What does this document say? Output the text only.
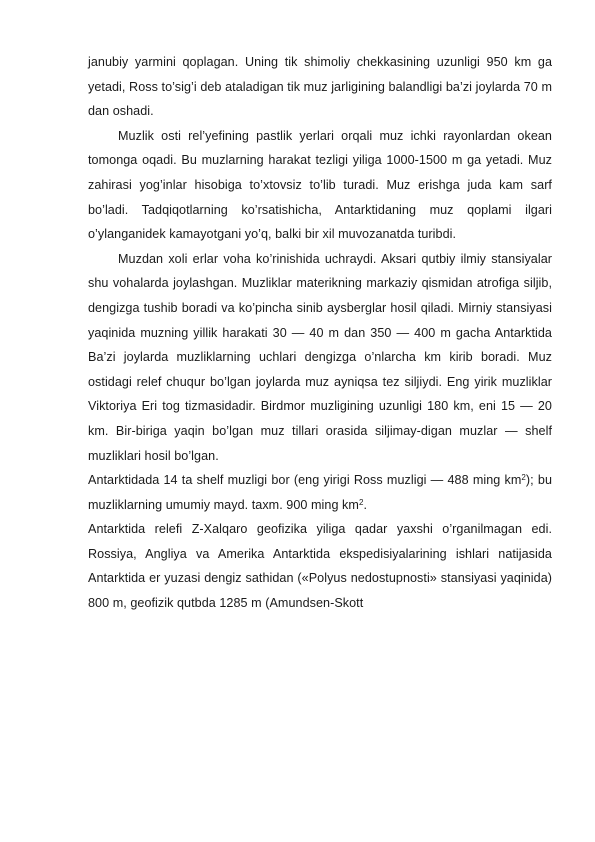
janubiy yarmini qoplagan. Uning tik shimoliy chekkasining uzunligi 950 km ga yetadi, Ross to’sig’i deb ataladigan tik muz jarligining balandligi ba’zi joylarda 70 m dan oshadi.

Muzlik osti rel’yefining pastlik yerlari orqali muz ichki rayonlardan okean tomonga oqadi. Bu muzlarning harakat tezligi yiliga 1000-1500 m ga yetadi. Muz zahirasi yog’inlar hisobiga to’xtovsiz to’lib turadi. Muz erishga juda kam sarf bo’ladi. Tadqiqotlarning ko’rsatishicha, Antarktidaning muz qoplami ilgari o’ylanganidek kamayotgani yo’q, balki bir xil muvozanatda turibdi.

Muzdan xoli erlar voha ko’rinishida uchraydi. Aksari qutbiy ilmiy stansiyalar shu vohalarda joylashgan. Muzliklar materikning markaziy qismidan atrofiga siljib, dengizga tushib boradi va ko’pincha sinib aysberglar hosil qiladi. Mirniy stansiyasi yaqinida muzning yillik harakati 30 — 40 m dan 350 — 400 m gacha Antarktida Ba’zi joylarda muzliklarning uchlari dengizga o’nlarcha km kirib boradi. Muz ostidagi relef chuqur bo’lgan joylarda muz ayniqsa tez siljiydi. Eng yirik muzliklar Viktoriya Eri tog tizmasidadir. Birdmor muzligining uzunligi 180 km, eni 15 — 20 km. Bir-biriga yaqin bo’lgan muz tillari orasida siljimay-digan muzlar — shelf muzliklari hosil bo’lgan.

Antarktidada 14 ta shelf muzligi bor (eng yirigi Ross muzligi — 488 ming $km^2$); bu muzliklarning umumiy mayd. taxm. 900 ming $km^2$.

Antarktida relefi Z-Xalqaro geofizika yiliga qadar yaxshi o’rganilmagan edi. Rossiya, Angliya va Amerika Antarktida ekspedisiyalarining ishlari natijasida Antarktida er yuzasi dengiz sathidan («Polyus nedostupnosti» stansiyasi yaqinida) 800 m, geofizik qutbda 1285 m (Amundsen-Skott
